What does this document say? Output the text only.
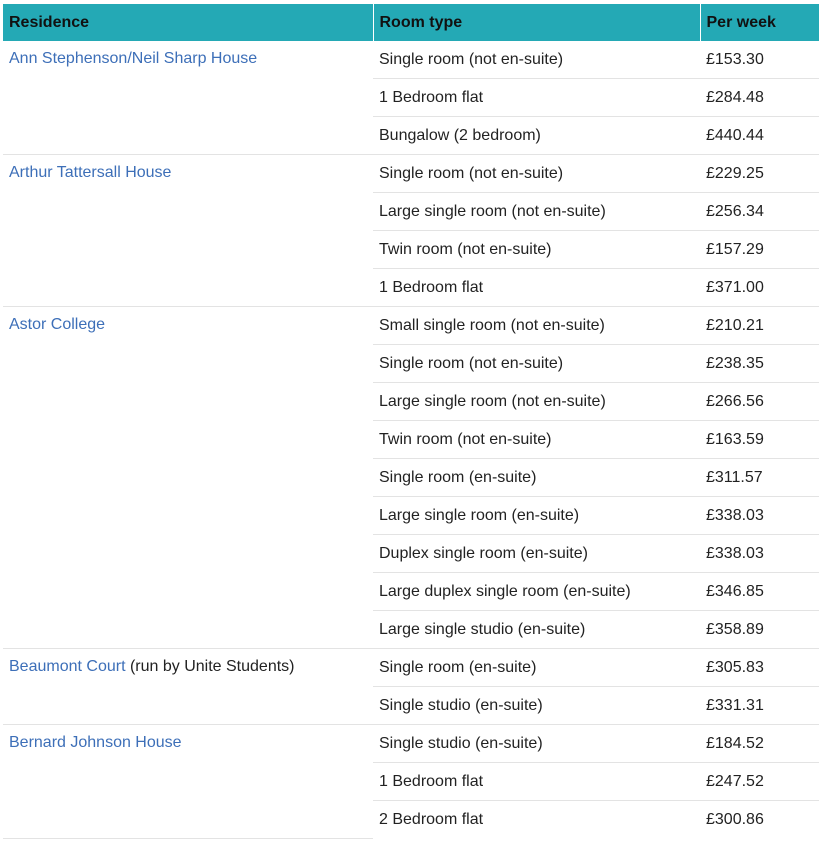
Residence	Room type	Per week
Ann Stephenson/Neil Sharp House	Single room (not en-suite)	£153.30
	1 Bedroom flat	£284.48
	Bungalow (2 bedroom)	£440.44
Arthur Tattersall House	Single room (not en-suite)	£229.25
	Large single room (not en-suite)	£256.34
	Twin room (not en-suite)	£157.29
	1 Bedroom flat	£371.00
Astor College	Small single room (not en-suite)	£210.21
	Single room (not en-suite)	£238.35
	Large single room (not en-suite)	£266.56
	Twin room (not en-suite)	£163.59
	Single room (en-suite)	£311.57
	Large single room (en-suite)	£338.03
	Duplex single room (en-suite)	£338.03
	Large duplex single room (en-suite)	£346.85
	Large single studio (en-suite)	£358.89
Beaumont Court (run by Unite Students)	Single room (en-suite)	£305.83
	Single studio (en-suite)	£331.31
Bernard Johnson House	Single studio (en-suite)	£184.52
	1 Bedroom flat	£247.52
	2 Bedroom flat	£300.86
